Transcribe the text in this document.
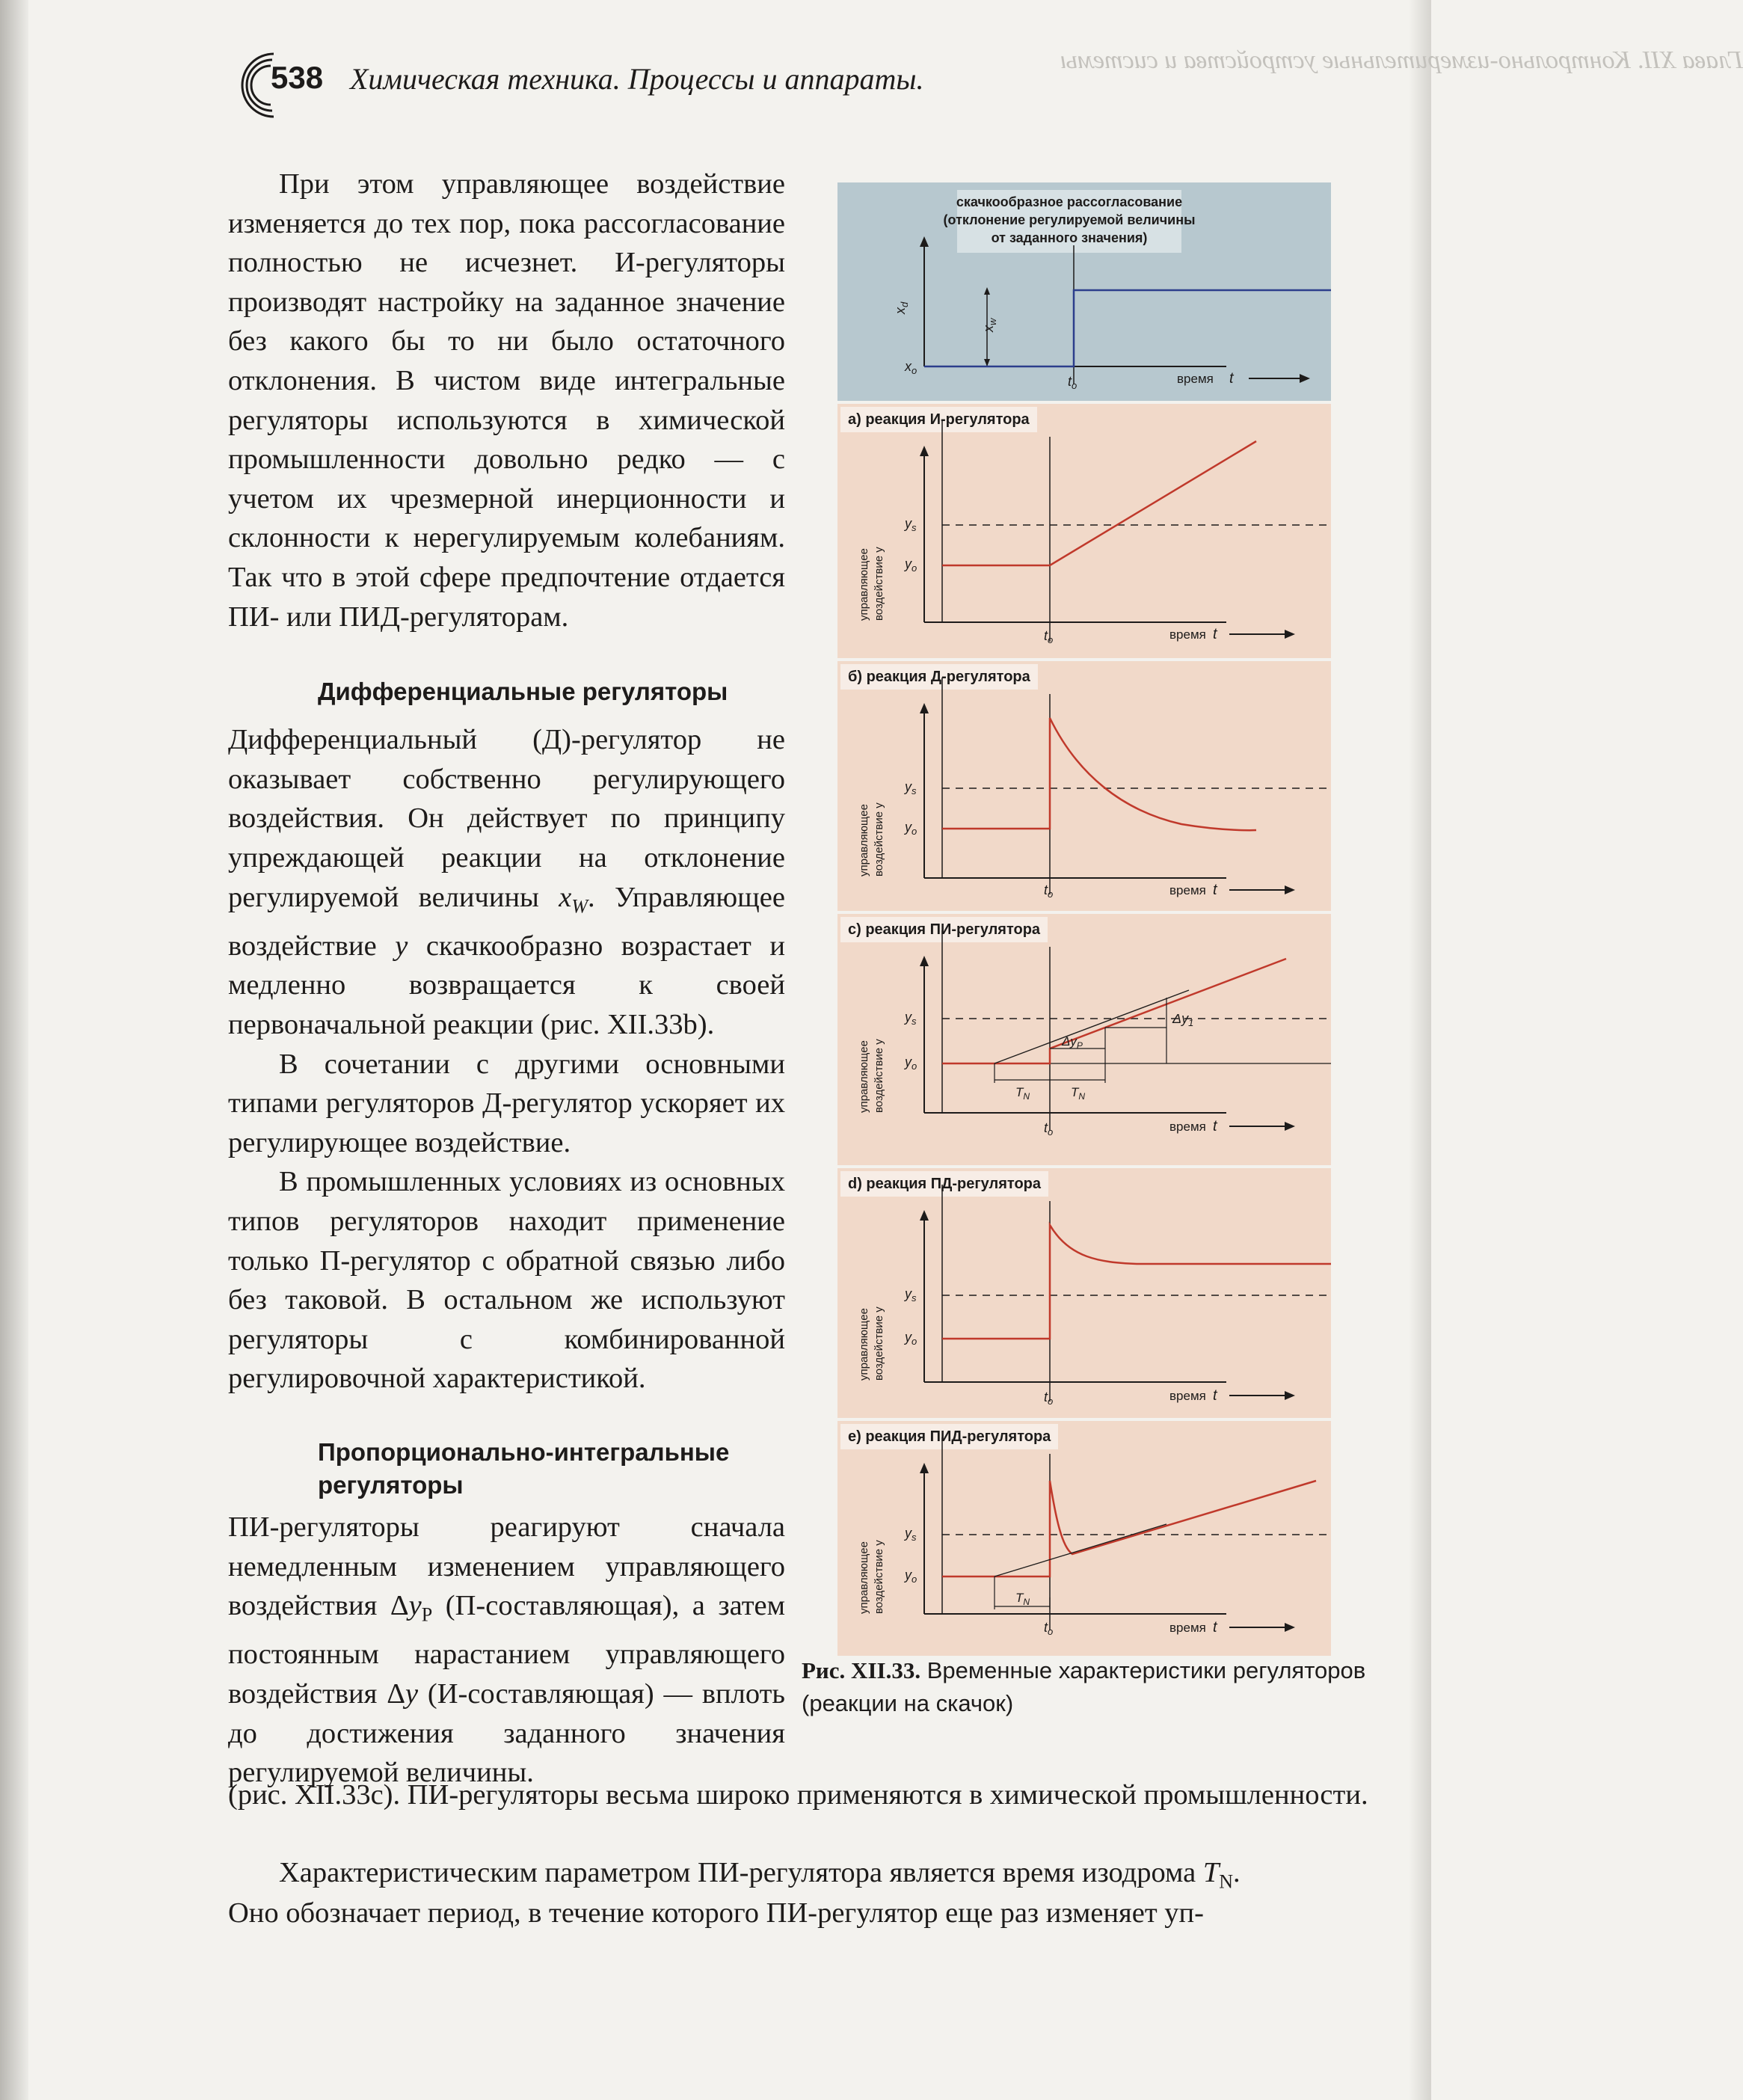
538 Химическая техника. Процессы и аппараты.
Глава XII. Контрольно-измерительные устройства и системы

При этом управляющее воздействие изменяется до тех пор, пока рассогласование полностью не исчезнет. И-регуляторы производят настройку на заданное значение без какого бы то ни было остаточного отклонения. В чистом виде интегральные регуляторы используются в химической промышленности довольно редко — с учетом их чрезмерной инерционности и склонности к нерегулируемым колебаниям. Так что в этой сфере предпочтение отдается ПИ- или ПИД-регуляторам.

Дифференциальные регуляторы

Дифференциальный (Д)-регулятор не оказывает собственно регулирующего воздействия. Он действует по принципу упреждающей реакции на отклонение регулируемой величины $x_W$. Управляющее воздействие y скачкообразно возрастает и медленно возвращается к своей первоначальной реакции (рис. XII.33b).

В сочетании с другими основными типами регуляторов Д-регулятор ускоряет их регулирующее воздействие.

В промышленных условиях из основных типов регуляторов находит применение только П-регулятор с обратной связью либо без таковой. В остальном же используют регуляторы с комбинированной регулировочной характеристикой.

Пропорционально-интегральные
регуляторы

ПИ-регуляторы реагируют сначала немедленным изменением управляющего воздействия $\Delta y_P$ (П-составляющая), а затем постоянным нарастанием управляющего воздействия Δy (И-составляющая) — вплоть до достижения заданного значения регулируемой величины.

(рис. XII.33c). ПИ-регуляторы весьма широко применяются в химической промышленности.

Характеристическим параметром ПИ-регулятора является время изодрома $T_N$.

Оно обозначает период, в течение которого ПИ-регулятор еще раз изменяет уп-

скачкообразное рассогласование
(отклонение регулируемой величины
от заданного значения)
$x_d$
$x_w$
$x_o$
$t_o$	время t
а) реакция И-регулятора
управляющее воздействие y
$y_s$
$y_o$
$t_o$	время t
б) реакция Д-регулятора
управляющее воздействие y
$y_s$
$y_o$
$t_o$	время t
с) реакция ПИ-регулятора
$\Delta y_P$
$\Delta y_1$
$T_N$	$T_N$
управляющее воздействие y
$y_s$
$y_o$
$t_o$	время t
d) реакция ПД-регулятора
управляющее воздействие y
$y_s$
$y_o$
$t_o$	время t
е) реакция ПИД-регулятора
$T_N$
управляющее воздействие y
$y_s$
$y_o$
$t_o$	время t
Рис. XII.33. Временные характеристики регуляторов (реакции на скачок)
